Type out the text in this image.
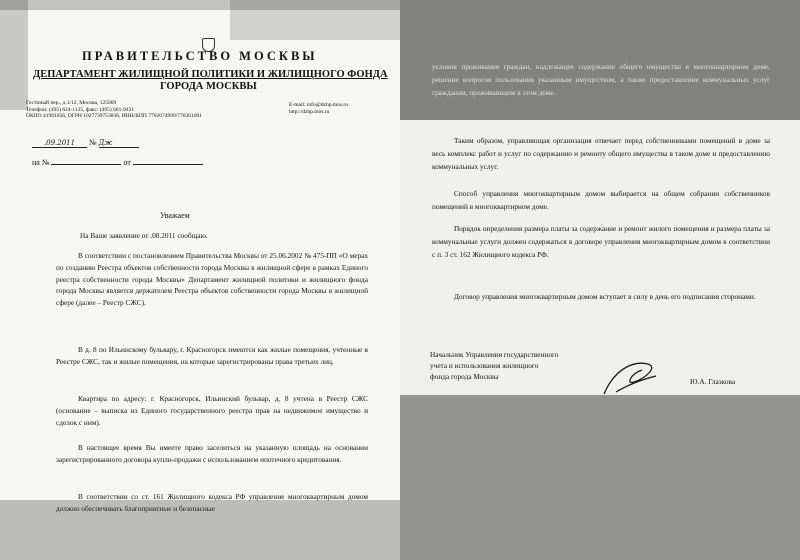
ПРАВИТЕЛЬСТВО МОСКВЫ
ДЕПАРТАМЕНТ ЖИЛИЩНОЙ ПОЛИТИКИ И ЖИЛИЩНОГО ФОНДА
ГОРОДА МОСКВЫ
Гостиный пер., д.1/12, Москва, 125009
Телефон: (495) 624-1135, факс: (495) 681-9431
ОКПО 41981656, ОГРН 1027739753836, ИНН/КПП 7702074999/770301001
E-mail: info@dzhp.mos.ru
http://dzhp.mos.ru
.09.2011 № Дж
на №	от
Уважаем
На Ваше заявление от .08.2011 сообщаю.
В соответствии с постановлением Правительства Москвы от 25.06.2002 № 475-ПП «О мерах по созданию Реестра объектов собственности города Москвы в жилищной сфере в рамках Единого реестра собственности города Москвы» Департамент жилищной политики и жилищного фонда города Москвы является держателем Реестра объектов собственности города Москвы в жилищной сфере (далее – Реестр СЖС).
В д. 8 по Ильинскому бульвару, г. Красногорск имеются как жилые помещения, учтенные в Реестре СЖС, так и жилые помещения, на которые зарегистрированы права третьих лиц.
Квартира по адресу: г. Красногорск, Ильинский бульвар, д. 8 учтена в Реестр СЖС (основание – выписка из Единого государственного реестра прав на недвижимое имущество и сделок с ним).
В настоящее время Вы имеете право заселиться на указанную площадь на основании зарегистрированного договора купли-продажи с использованием ипотечного кредитования.
В соответствии со ст. 161 Жилищного кодекса РФ управление многоквартирным домом должно обеспечивать благоприятные и безопасные
условия проживания граждан, надлежащее содержание общего имущества в многоквартирном доме, решение вопросов пользования указанным имуществом, а также предоставление коммунальных услуг гражданам, проживающим в этом доме.
Таким образом, управляющая организация отвечает перед собственниками помещений в доме за весь комплекс работ и услуг по содержанию и ремонту общего имущества в таком доме и предоставлению коммунальных услуг.
Способ управления многоквартирным домом выбирается на общем собрании собственников помещений в многоквартирном доме.
Порядок определения размера платы за содержание и ремонт жилого помещения и размера платы за коммунальные услуги должен содержаться в договоре управления многоквартирным домом в соответствии с п. 3 ст. 162 Жилищного кодекса РФ.
Договор управления многоквартирным домом вступает в силу в день его подписания сторонами.
Начальник Управления государственного
учета и использования жилищного
фонда города Москвы
Ю.А. Глазкова
